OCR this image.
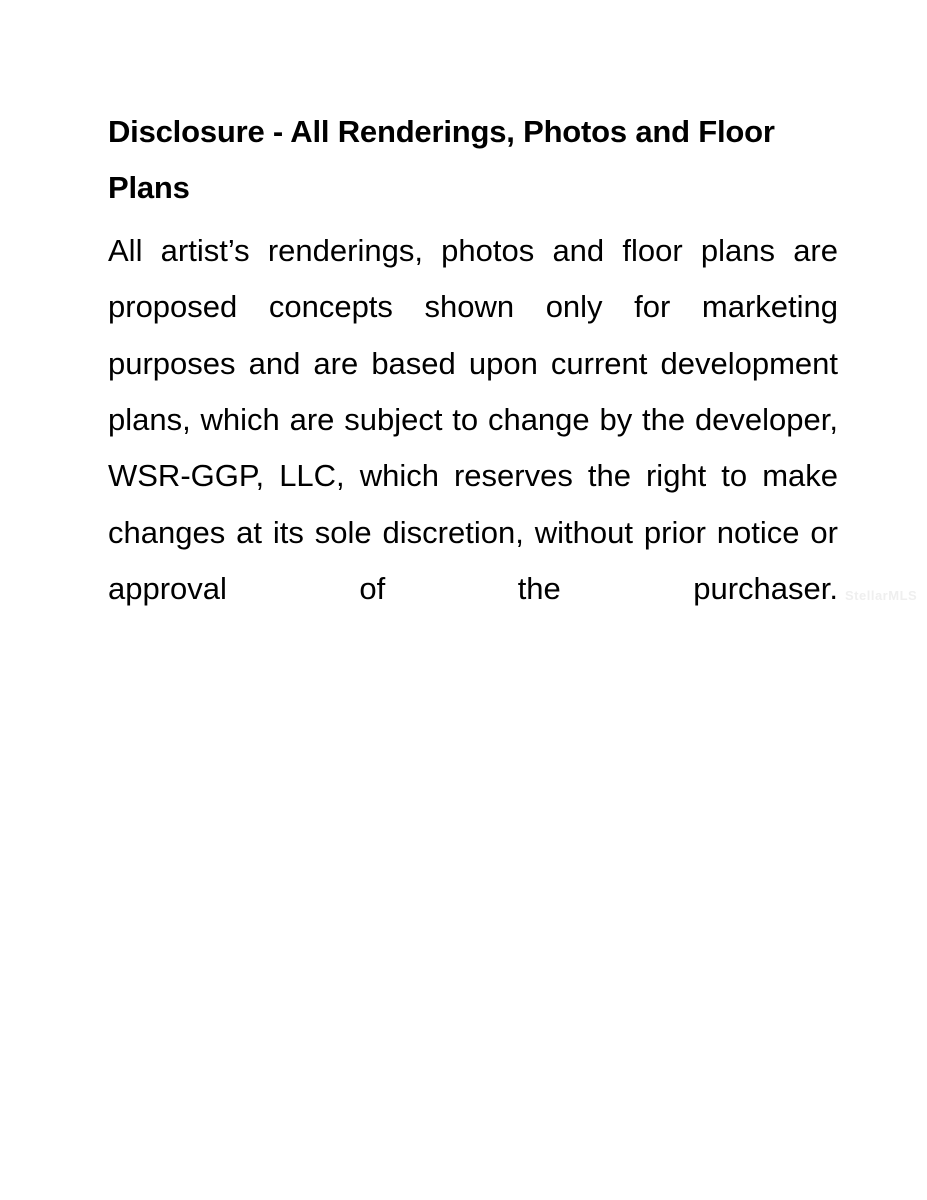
Disclosure - All Renderings, Photos and Floor Plans

All artist’s renderings, photos and floor plans are proposed concepts shown only for marketing purposes and are based upon current development plans, which are subject to change by the developer, WSR-GGP, LLC, which reserves the right to make changes at its sole discretion, without prior notice or approval of the purchaser. StellarMLS
